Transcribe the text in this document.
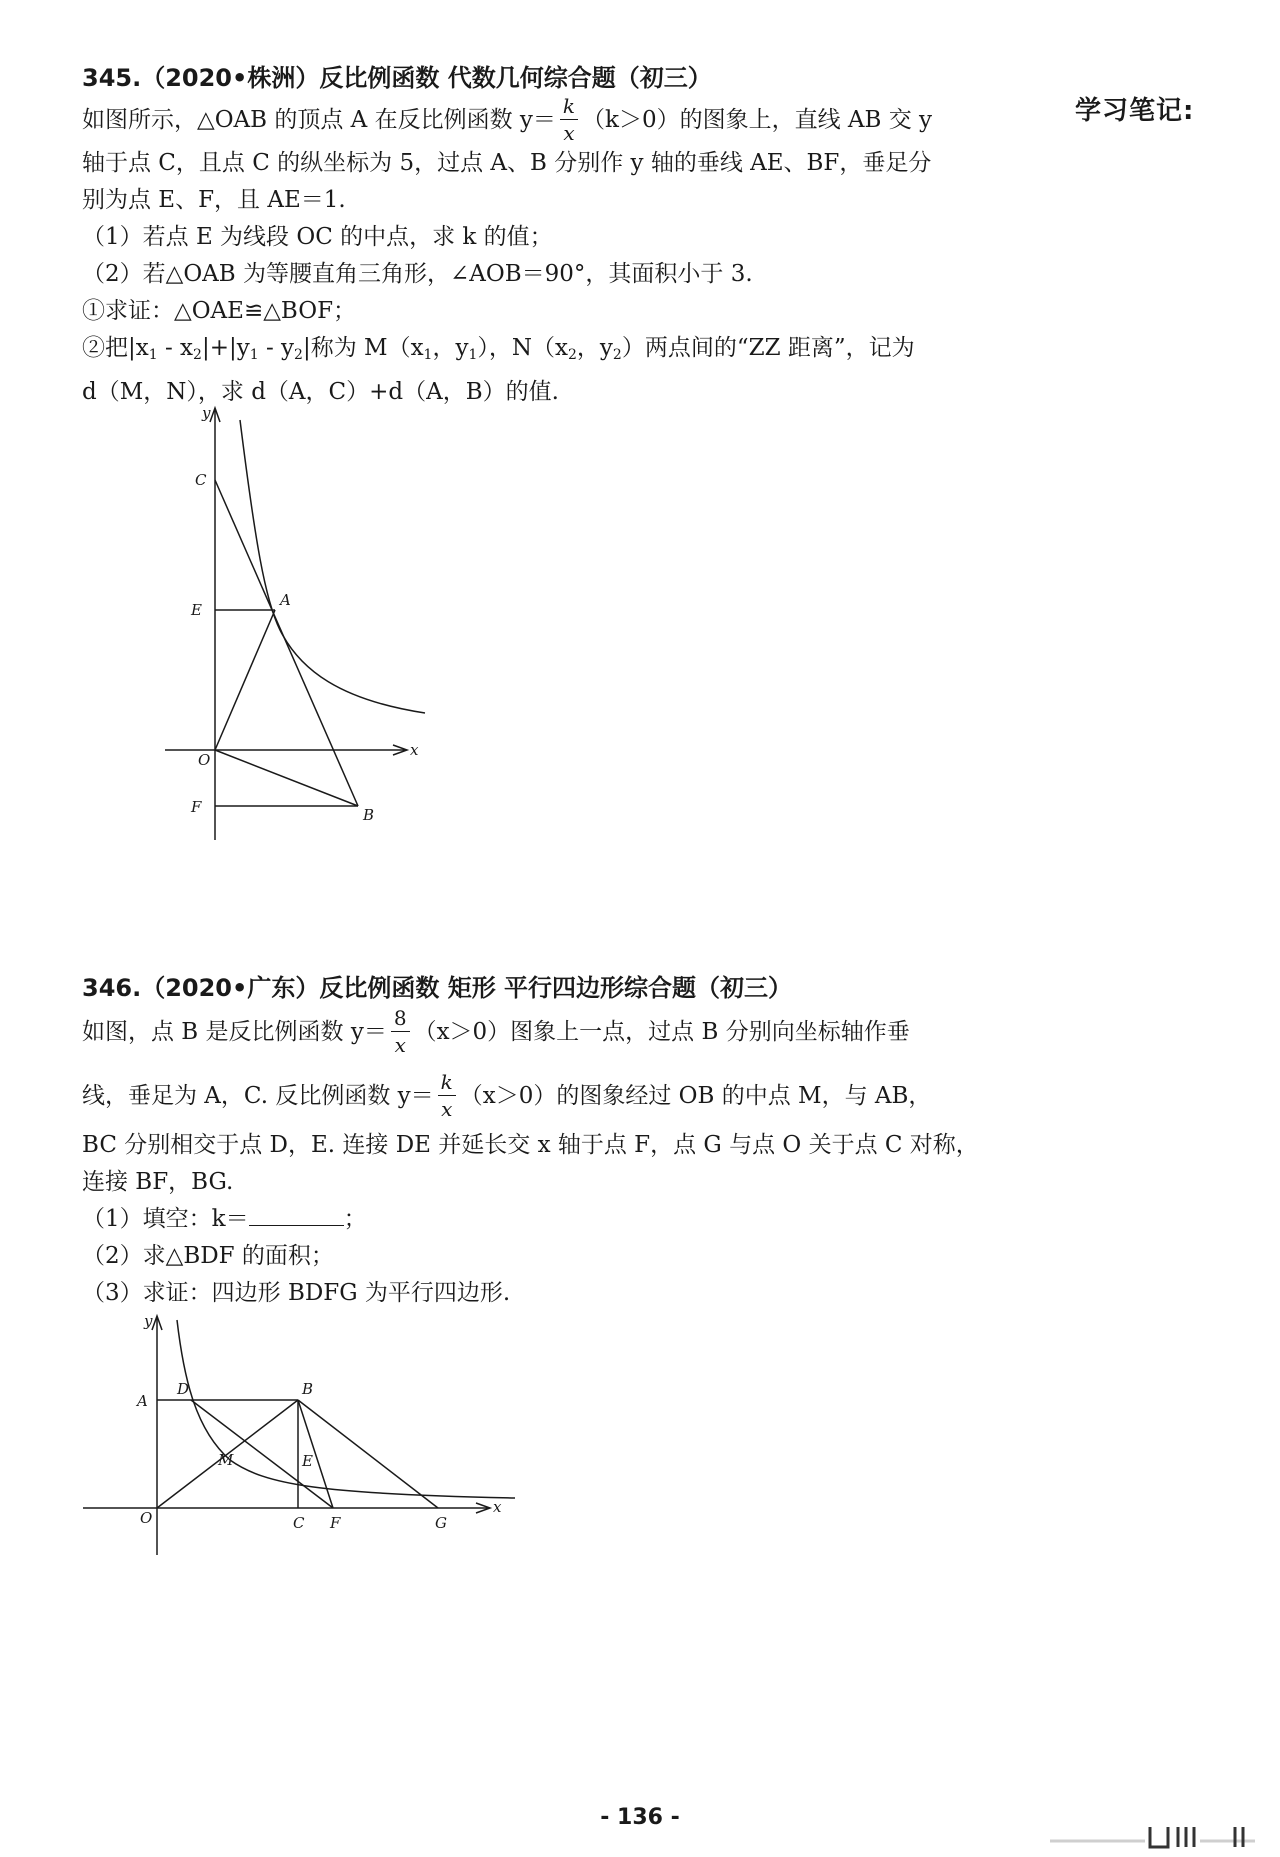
学习笔记:
345.（2020•株洲）反比例函数 代数几何综合题（初三）
如图所示，△OAB 的顶点 A 在反比例函数 $y= \frac{k}{x} (k>0)$的图象上，直线 AB 交 y
轴于点 C，且点 C 的纵坐标为 5，过点 A、B 分别作 y 轴的垂线 AE、BF，垂足分
别为点 E、F，且 AE＝1.
（1）若点 E 为线段 OC 的中点，求 k 的值；
（2）若△OAB 为等腰直角三角形，∠AOB＝90°，其面积小于 3.
①求证：△OAE≌△BOF；
②把$|x_1 - x_2|+|y_1 - y_2|$称为 $M(x_1$，$y_1$），$N(x_2$，$y_2$）两点间的“ZZ 距离”，记为
d（M，N），求 d（A，C）+d（A，B）的值.
y
C
E
A
O
x
F	B
346.（2020•广东）反比例函数 矩形 平行四边形综合题（初三）
如图，点 B 是反比例函数 $y= \frac{8}{x} (x>0)$图象上一点，过点 B 分别向坐标轴作垂
线，垂足为 A，C. 反比例函数 $y= \frac{k}{x} (x>0)$的图象经过 OB 的中点 M，与 AB，
BC 分别相交于点 D，E. 连接 DE 并延长交 x 轴于点 F，点 G 与点 O 关于点 C 对称，
连接 BF，BG.
（1）填空：k＝	；
（2）求△BDF 的面积；
（3）求证：四边形 BDFG 为平行四边形.
y
A
D	B
M	E
O	C F	G
x
- 136 -
